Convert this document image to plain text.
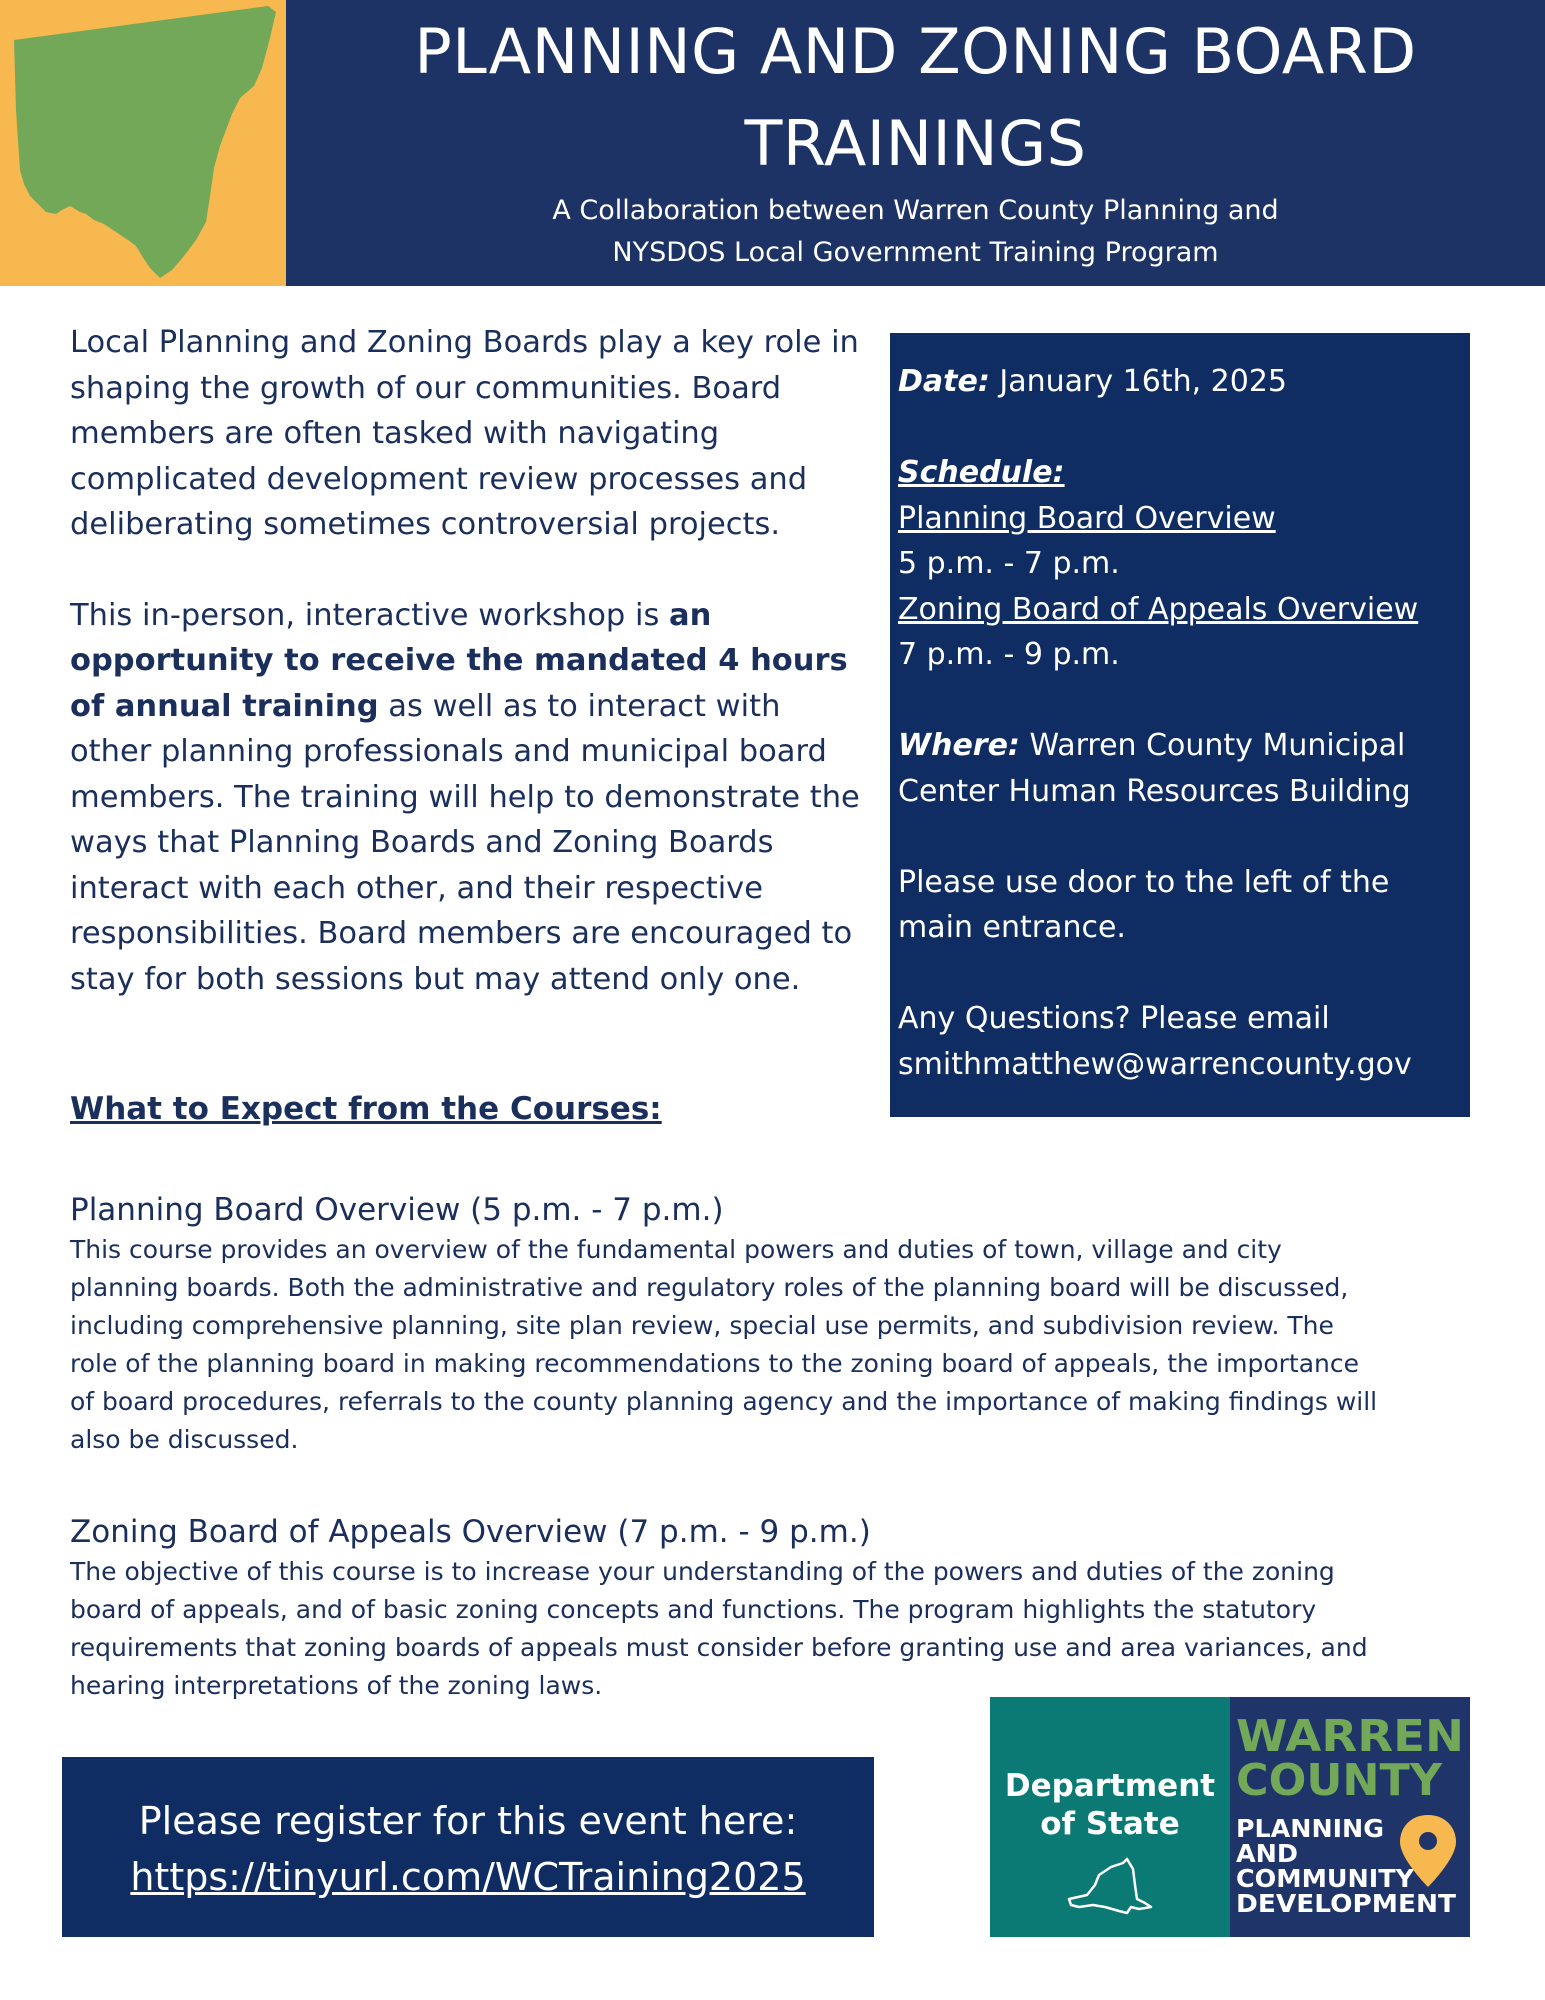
PLANNING AND ZONING BOARD
TRAININGS
A Collaboration between Warren County Planning and
NYSDOS Local Government Training Program

Local Planning and Zoning Boards play a key role in shaping the growth of our communities. Board members are often tasked with navigating complicated development review processes and deliberating sometimes controversial projects.

This in-person, interactive workshop is an opportunity to receive the mandated 4 hours of annual training as well as to interact with other planning professionals and municipal board members. The training will help to demonstrate the ways that Planning Boards and Zoning Boards interact with each other, and their respective responsibilities. Board members are encouraged to stay for both sessions but may attend only one.

Date: January 16th, 2025
Schedule:
Planning Board Overview
5 p.m. - 7 p.m.
Zoning Board of Appeals Overview
7 p.m. - 9 p.m.
Where: Warren County Municipal
Center Human Resources Building
Please use door to the left of the
main entrance.
Any Questions? Please email
smithmatthew@warrencounty.gov
What to Expect from the Courses:
Planning Board Overview (5 p.m. - 7 p.m.)
This course provides an overview of the fundamental powers and duties of town, village and city
planning boards. Both the administrative and regulatory roles of the planning board will be discussed,
including comprehensive planning, site plan review, special use permits, and subdivision review. The
role of the planning board in making recommendations to the zoning board of appeals, the importance
of board procedures, referrals to the county planning agency and the importance of making findings will
also be discussed.
Zoning Board of Appeals Overview (7 p.m. - 9 p.m.)
The objective of this course is to increase your understanding of the powers and duties of the zoning
board of appeals, and of basic zoning concepts and functions. The program highlights the statutory
requirements that zoning boards of appeals must consider before granting use and area variances, and
hearing interpretations of the zoning laws.
Please register for this event here:
https://tinyurl.com/WCTraining2025
Department
of State
WARREN
COUNTY
PLANNING
AND
COMMUNITY
DEVELOPMENT
